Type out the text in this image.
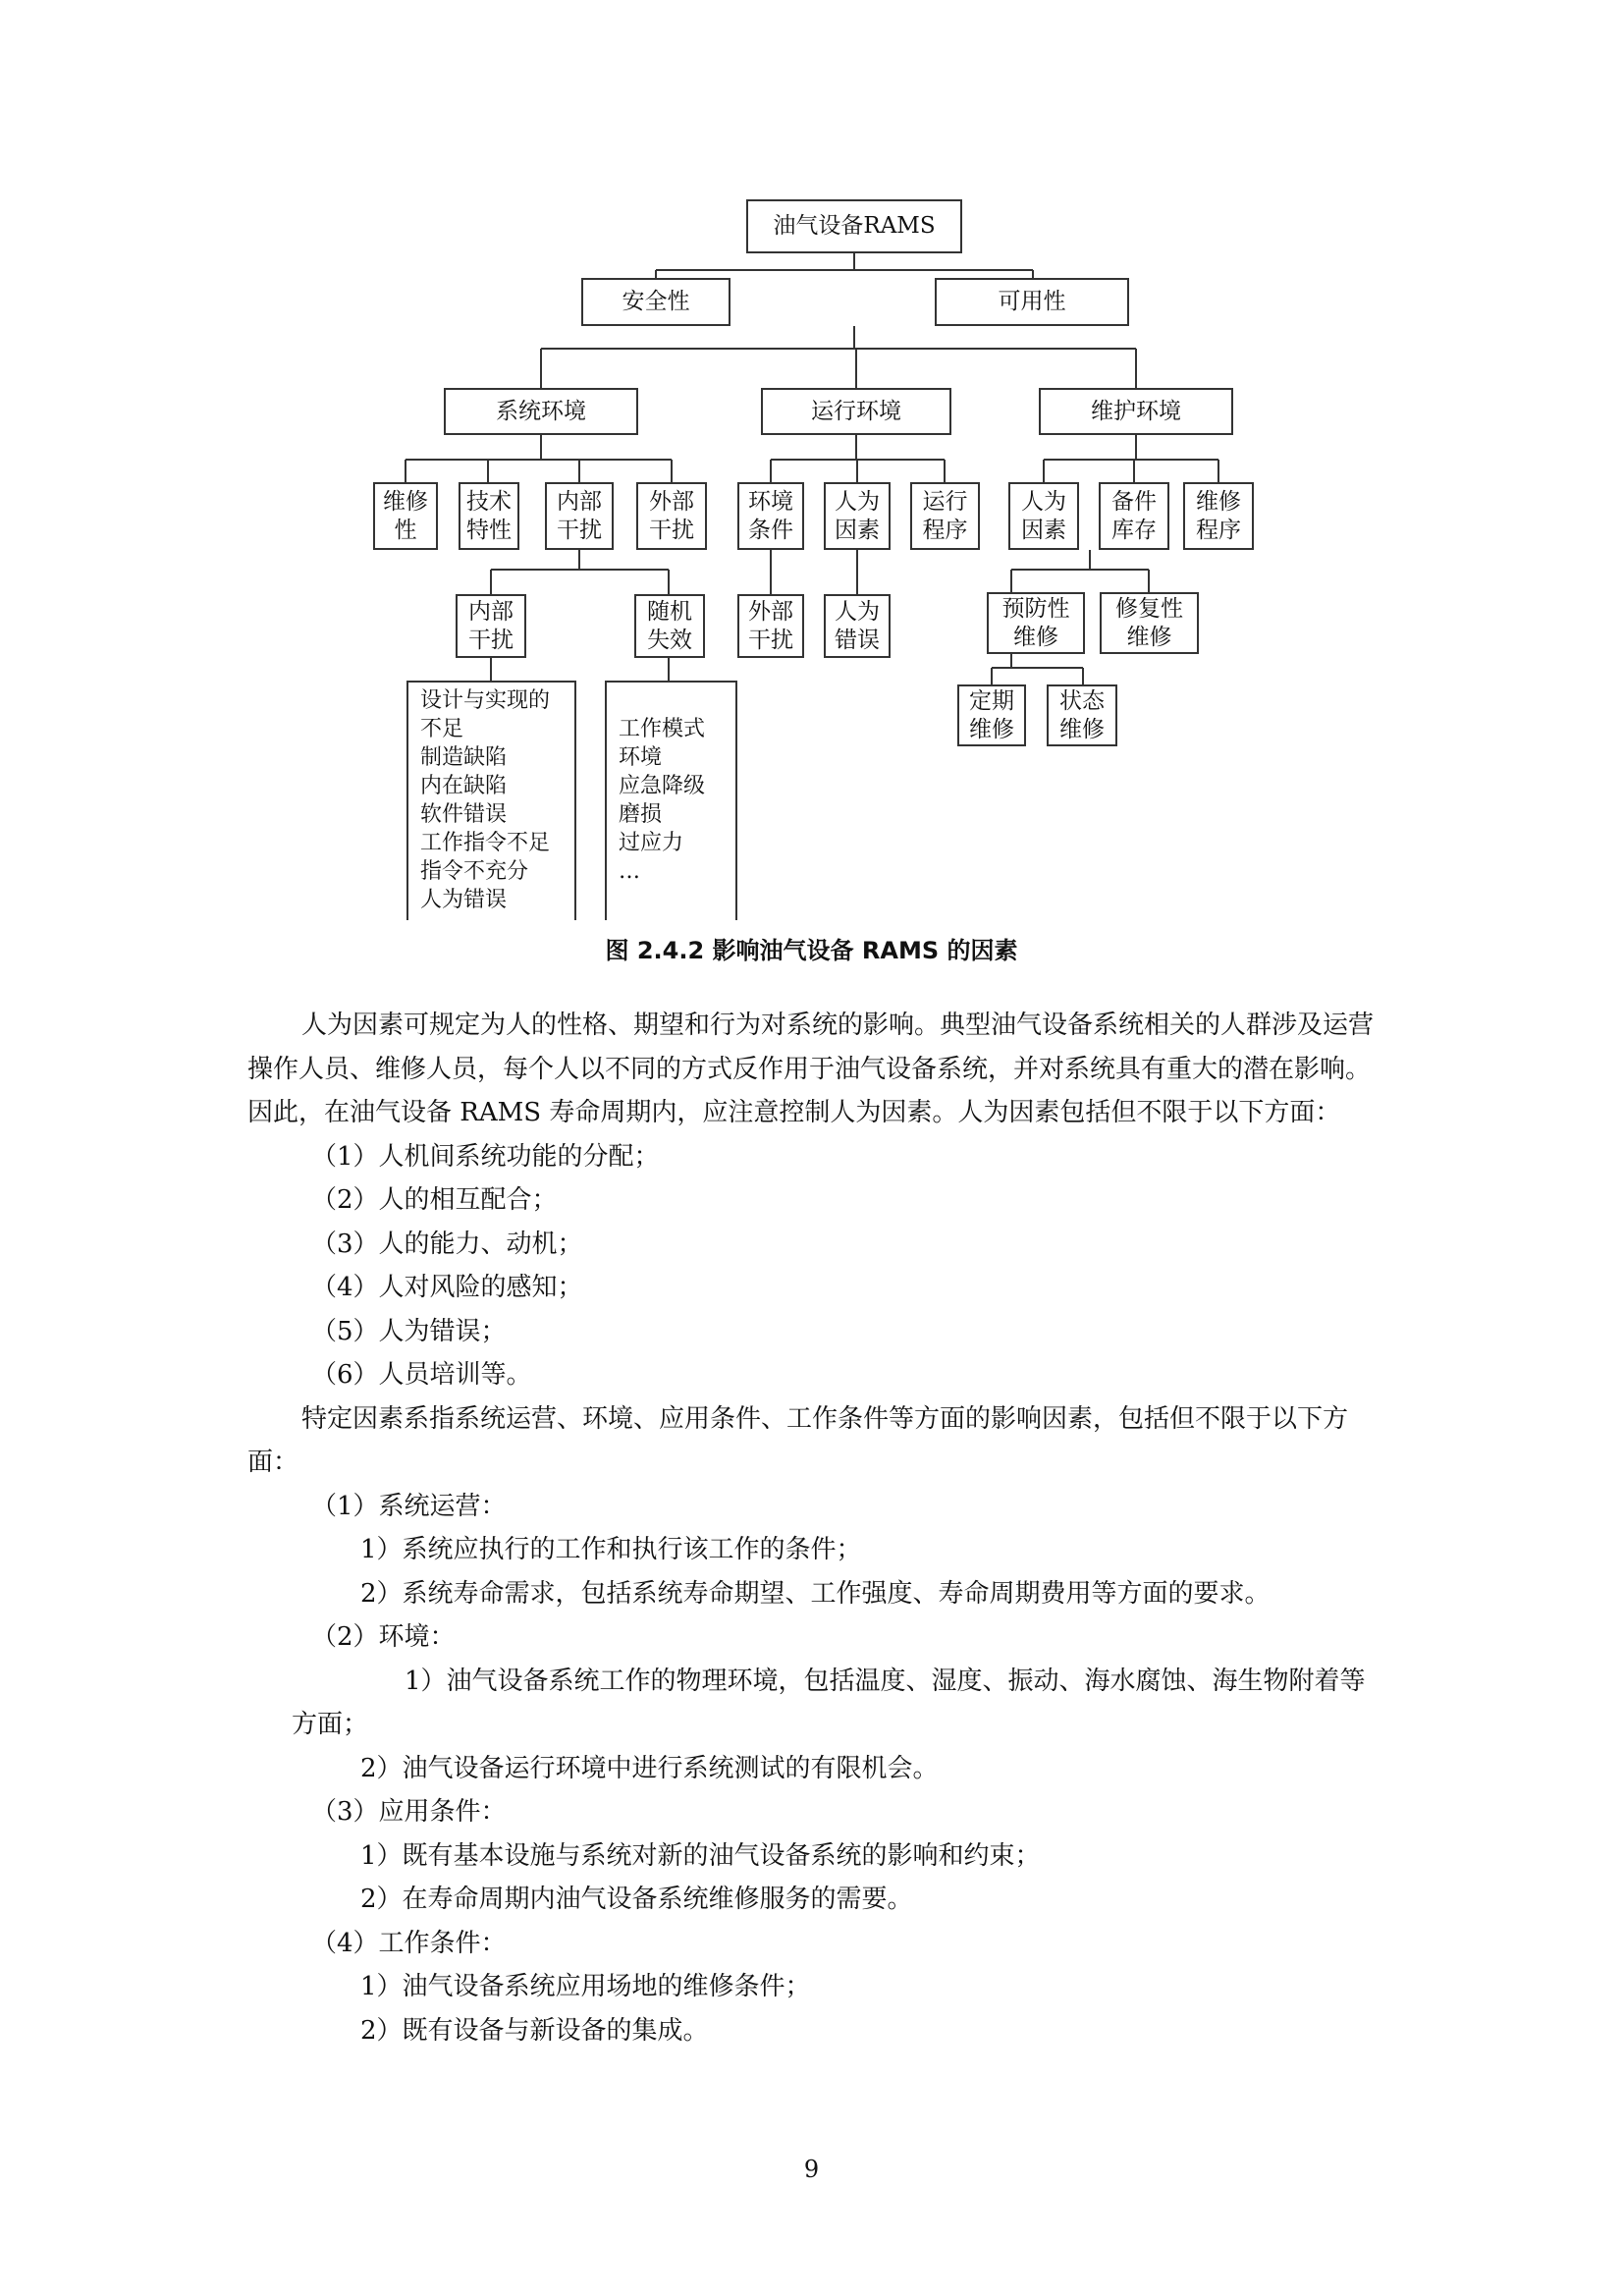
油气设备RAMS
安全性	可用性
系统环境	运行环境	维护环境
维修
性
技术
特性
内部
干扰
外部
干扰
环境
条件
人为
因素
运行
程序
人为
因素
备件
库存
维修
程序
内部
干扰
随机
失效
外部
干扰
人为
错误
预防性
维修
修复性
维修
定期
维修
状态
维修
设计与实现的
不足
制造缺陷
内在缺陷
软件错误
工作指令不足
指令不充分
人为错误
工作模式
环境
应急降级
磨损
过应力
…
图 2.4.2 影响油气设备 RAMS 的因素

人为因素可规定为人的性格、期望和行为对系统的影响。典型油气设备系统相关的人群涉及运营操作人员、维修人员，每个人以不同的方式反作用于油气设备系统，并对系统具有重大的潜在影响。因此，在油气设备 RAMS 寿命周期内，应注意控制人为因素。人为因素包括但不限于以下方面：

（1）人机间系统功能的分配；

（2）人的相互配合；

（3）人的能力、动机；

（4）人对风险的感知；

（5）人为错误；

（6）人员培训等。

特定因素系指系统运营、环境、应用条件、工作条件等方面的影响因素，包括但不限于以下方面：

（1）系统运营：

1）系统应执行的工作和执行该工作的条件；

2）系统寿命需求，包括系统寿命期望、工作强度、寿命周期费用等方面的要求。

（2）环境：

1）油气设备系统工作的物理环境，包括温度、湿度、振动、海水腐蚀、海生物附着等方面；

2）油气设备运行环境中进行系统测试的有限机会。

（3）应用条件：

1）既有基本设施与系统对新的油气设备系统的影响和约束；

2）在寿命周期内油气设备系统维修服务的需要。

（4）工作条件：

1）油气设备系统应用场地的维修条件；

2）既有设备与新设备的集成。

9
